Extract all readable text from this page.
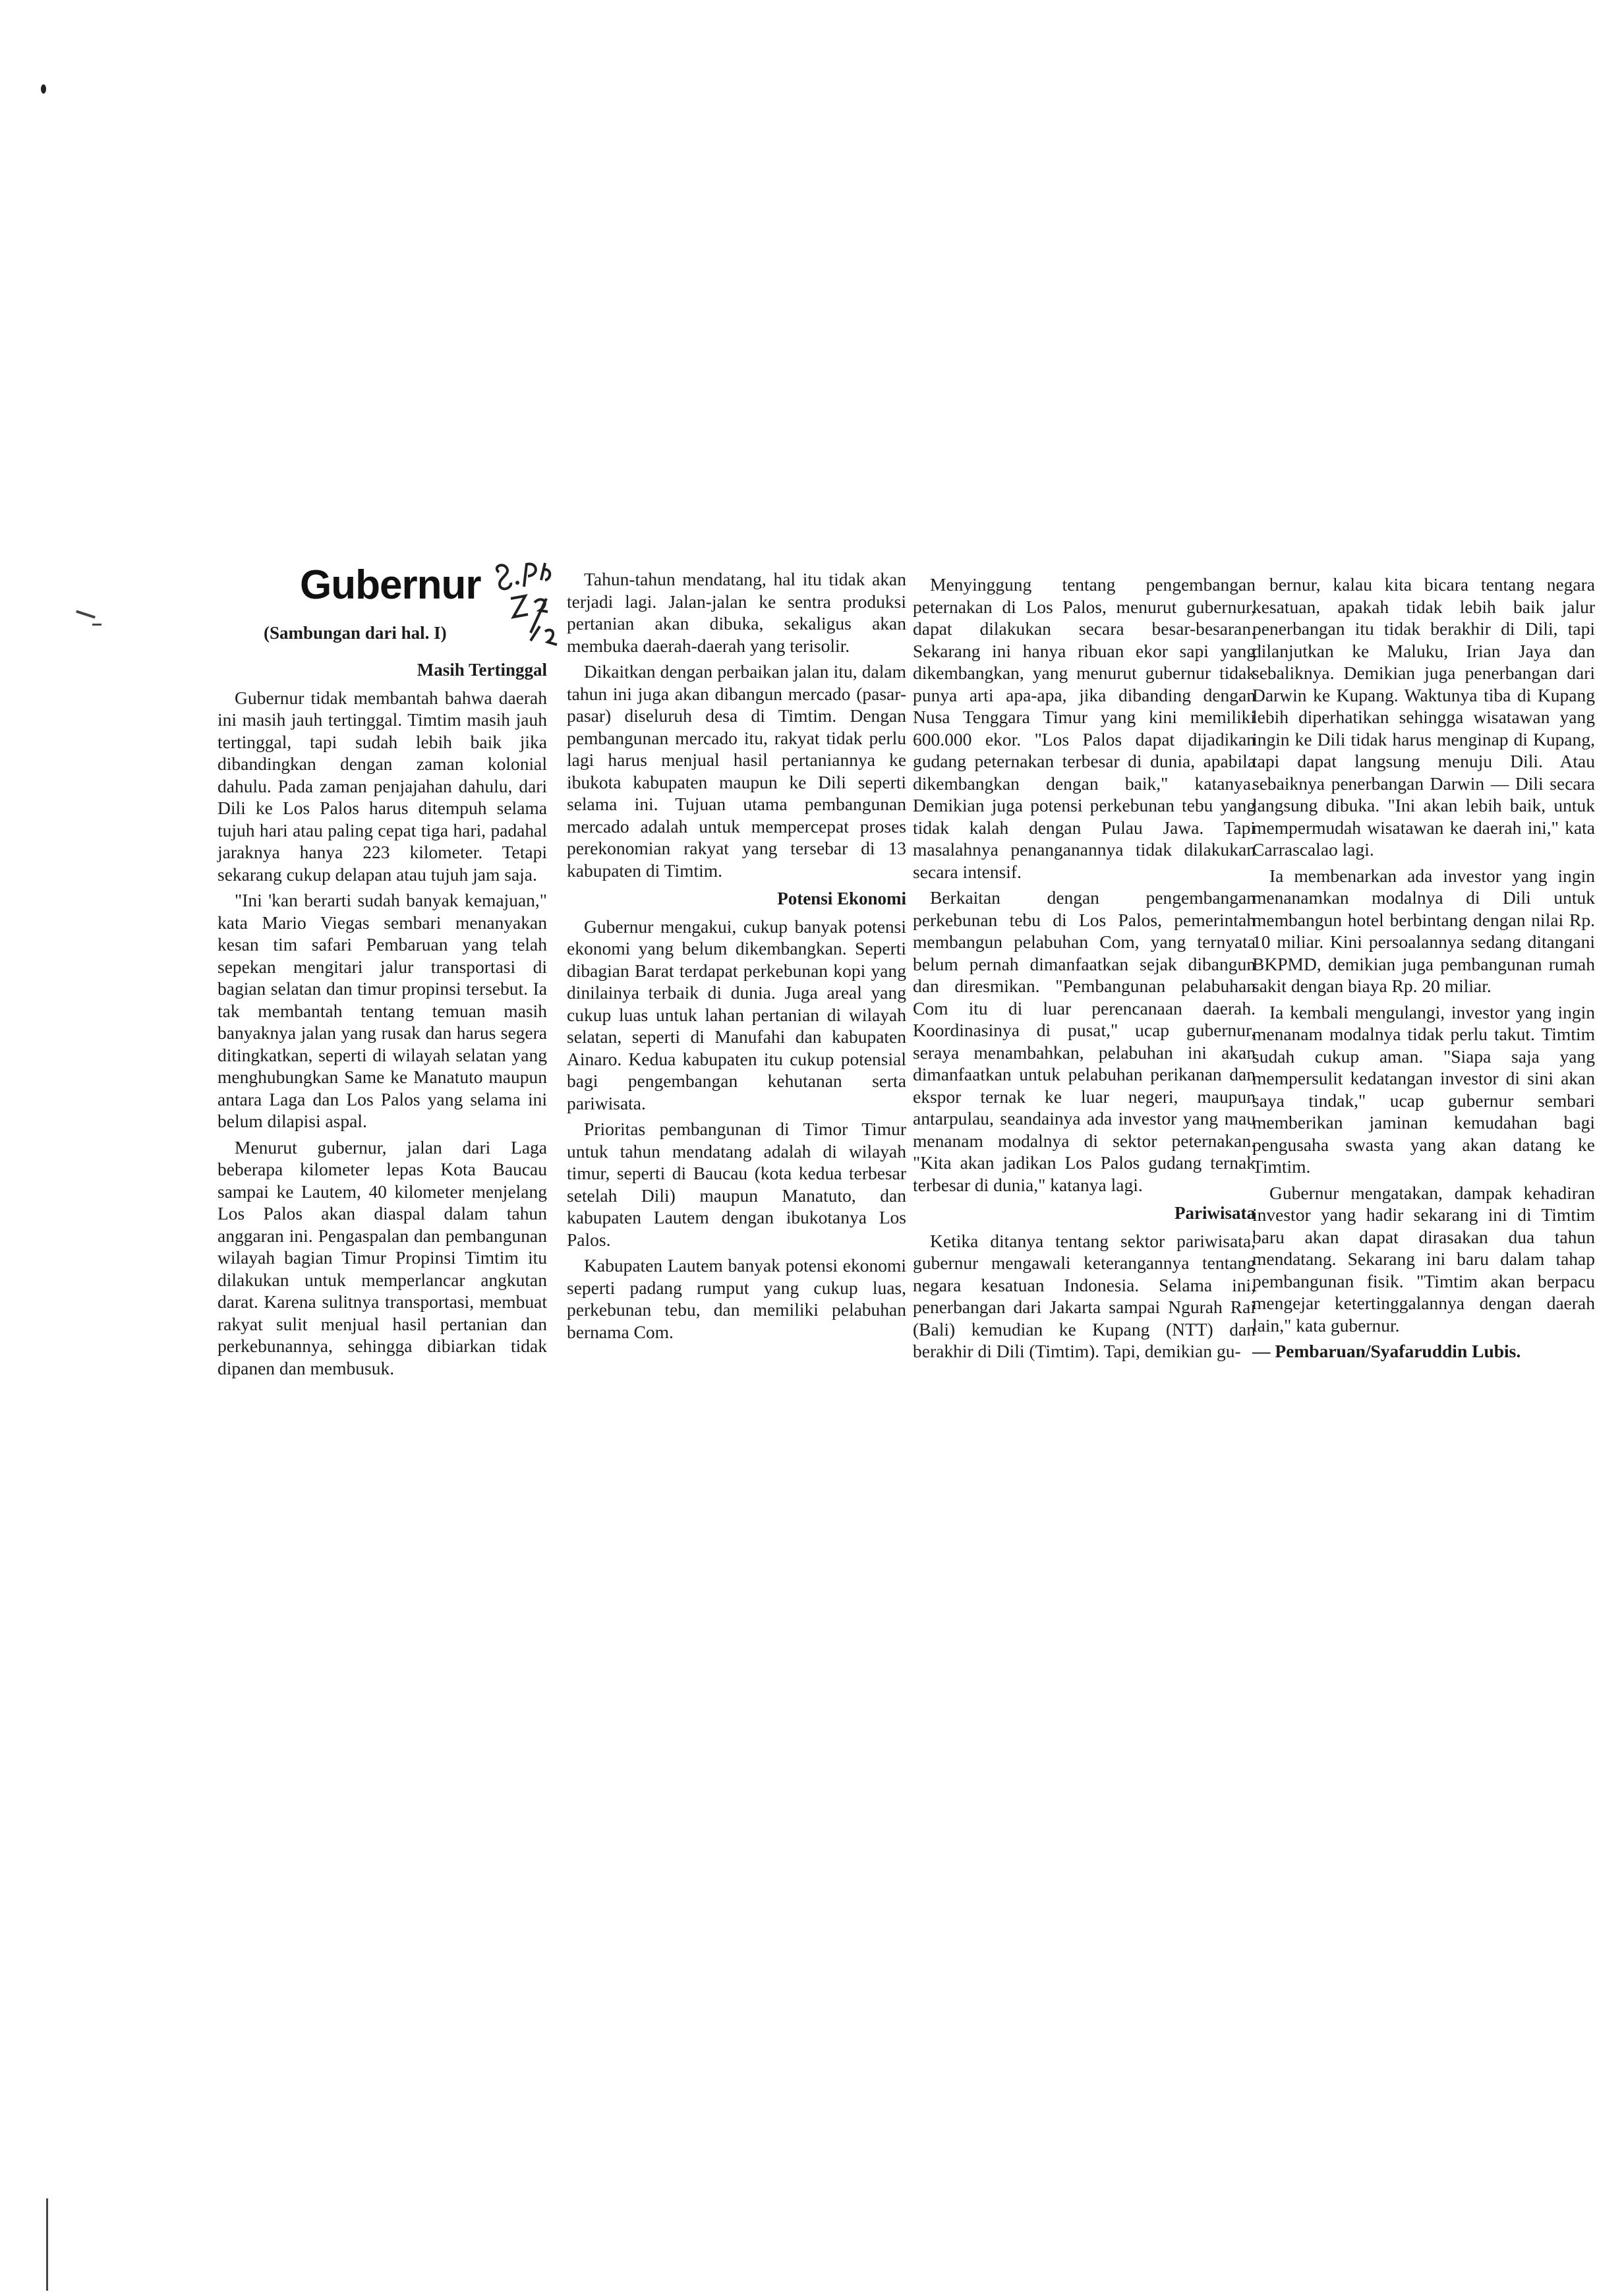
Gubernur
(Sambungan dari hal. I)
Masih Tertinggal

Gubernur tidak membantah bahwa daerah ini masih jauh tertinggal. Timtim masih jauh tertinggal, tapi sudah lebih baik jika dibandingkan dengan zaman kolonial dahulu. Pada zaman penjajahan dahulu, dari Dili ke Los Palos harus ditempuh selama tujuh hari atau paling cepat tiga hari, padahal jaraknya hanya 223 kilometer. Tetapi sekarang cukup delapan atau tujuh jam saja.

"Ini 'kan berarti sudah banyak kemajuan," kata Mario Viegas sembari menanyakan kesan tim safari Pembaruan yang telah sepekan mengitari jalur transportasi di bagian selatan dan timur propinsi tersebut. Ia tak membantah tentang temuan masih banyaknya jalan yang rusak dan harus segera ditingkatkan, seperti di wilayah selatan yang menghubungkan Same ke Manatuto maupun antara Laga dan Los Palos yang selama ini belum dilapisi aspal.

Menurut gubernur, jalan dari Laga beberapa kilometer lepas Kota Baucau sampai ke Lautem, 40 kilometer menjelang Los Palos akan diaspal dalam tahun anggaran ini. Pengaspalan dan pembangunan wilayah bagian Timur Propinsi Timtim itu dilakukan untuk memperlancar angkutan darat. Karena sulitnya transportasi, membuat rakyat sulit menjual hasil pertanian dan perkebunannya, sehingga dibiarkan tidak dipanen dan membusuk.

Tahun-tahun mendatang, hal itu tidak akan terjadi lagi. Jalan-jalan ke sentra produksi pertanian akan dibuka, sekaligus akan membuka daerah-daerah yang terisolir.

Dikaitkan dengan perbaikan jalan itu, dalam tahun ini juga akan dibangun mercado (pasar-pasar) diseluruh desa di Timtim. Dengan pembangunan mercado itu, rakyat tidak perlu lagi harus menjual hasil pertaniannya ke ibukota kabupaten maupun ke Dili seperti selama ini. Tujuan utama pembangunan mercado adalah untuk mempercepat proses perekonomian rakyat yang tersebar di 13 kabupaten di Timtim.

Potensi Ekonomi

Gubernur mengakui, cukup banyak potensi ekonomi yang belum dikembangkan. Seperti dibagian Barat terdapat perkebunan kopi yang dinilainya terbaik di dunia. Juga areal yang cukup luas untuk lahan pertanian di wilayah selatan, seperti di Manufahi dan kabupaten Ainaro. Kedua kabupaten itu cukup potensial bagi pengembangan kehutanan serta pariwisata.

Prioritas pembangunan di Timor Timur untuk tahun mendatang adalah di wilayah timur, seperti di Baucau (kota kedua terbesar setelah Dili) maupun Manatuto, dan kabupaten Lautem dengan ibukotanya Los Palos.

Kabupaten Lautem banyak potensi ekonomi seperti padang rumput yang cukup luas, perkebunan tebu, dan memiliki pelabuhan bernama Com.

Menyinggung tentang pengembangan peternakan di Los Palos, menurut gubernur, dapat dilakukan secara besar-besaran. Sekarang ini hanya ribuan ekor sapi yang dikembangkan, yang menurut gubernur tidak punya arti apa-apa, jika dibanding dengan Nusa Tenggara Timur yang kini memiliki 600.000 ekor. "Los Palos dapat dijadikan gudang peternakan terbesar di dunia, apabila dikembangkan dengan baik," katanya. Demikian juga potensi perkebunan tebu yang tidak kalah dengan Pulau Jawa. Tapi masalahnya penanganannya tidak dilakukan secara intensif.

Berkaitan dengan pengembangan perkebunan tebu di Los Palos, pemerintah membangun pelabuhan Com, yang ternyata belum pernah dimanfaatkan sejak dibangun dan diresmikan. "Pembangunan pelabuhan Com itu di luar perencanaan daerah. Koordinasinya di pusat," ucap gubernur, seraya menambahkan, pelabuhan ini akan dimanfaatkan untuk pelabuhan perikanan dan ekspor ternak ke luar negeri, maupun antarpulau, seandainya ada investor yang mau menanam modalnya di sektor peternakan. "Kita akan jadikan Los Palos gudang ternak terbesar di dunia," katanya lagi.

Pariwisata

Ketika ditanya tentang sektor pariwisata, gubernur mengawali keterangannya tentang negara kesatuan Indonesia. Selama ini, penerbangan dari Jakarta sampai Ngurah Rai (Bali) kemudian ke Kupang (NTT) dan berakhir di Dili (Timtim). Tapi, demikian gu-

bernur, kalau kita bicara tentang negara kesatuan, apakah tidak lebih baik jalur penerbangan itu tidak berakhir di Dili, tapi dilanjutkan ke Maluku, Irian Jaya dan sebaliknya. Demikian juga penerbangan dari Darwin ke Kupang. Waktunya tiba di Kupang lebih diperhatikan sehingga wisatawan yang ingin ke Dili tidak harus menginap di Kupang, tapi dapat langsung menuju Dili. Atau sebaiknya penerbangan Darwin — Dili secara langsung dibuka. "Ini akan lebih baik, untuk mempermudah wisatawan ke daerah ini," kata Carrascalao lagi.

Ia membenarkan ada investor yang ingin menanamkan modalnya di Dili untuk membangun hotel berbintang dengan nilai Rp. 10 miliar. Kini persoalannya sedang ditangani BKPMD, demikian juga pembangunan rumah sakit dengan biaya Rp. 20 miliar.

Ia kembali mengulangi, investor yang ingin menanam modalnya tidak perlu takut. Timtim sudah cukup aman. "Siapa saja yang mempersulit kedatangan investor di sini akan saya tindak," ucap gubernur sembari memberikan jaminan kemudahan bagi pengusaha swasta yang akan datang ke Timtim.

Gubernur mengatakan, dampak kehadiran investor yang hadir sekarang ini di Timtim baru akan dapat dirasakan dua tahun mendatang. Sekarang ini baru dalam tahap pembangunan fisik. "Timtim akan berpacu mengejar ketertinggalannya dengan daerah lain," kata gubernur.

— Pembaruan/Syafaruddin Lubis.
